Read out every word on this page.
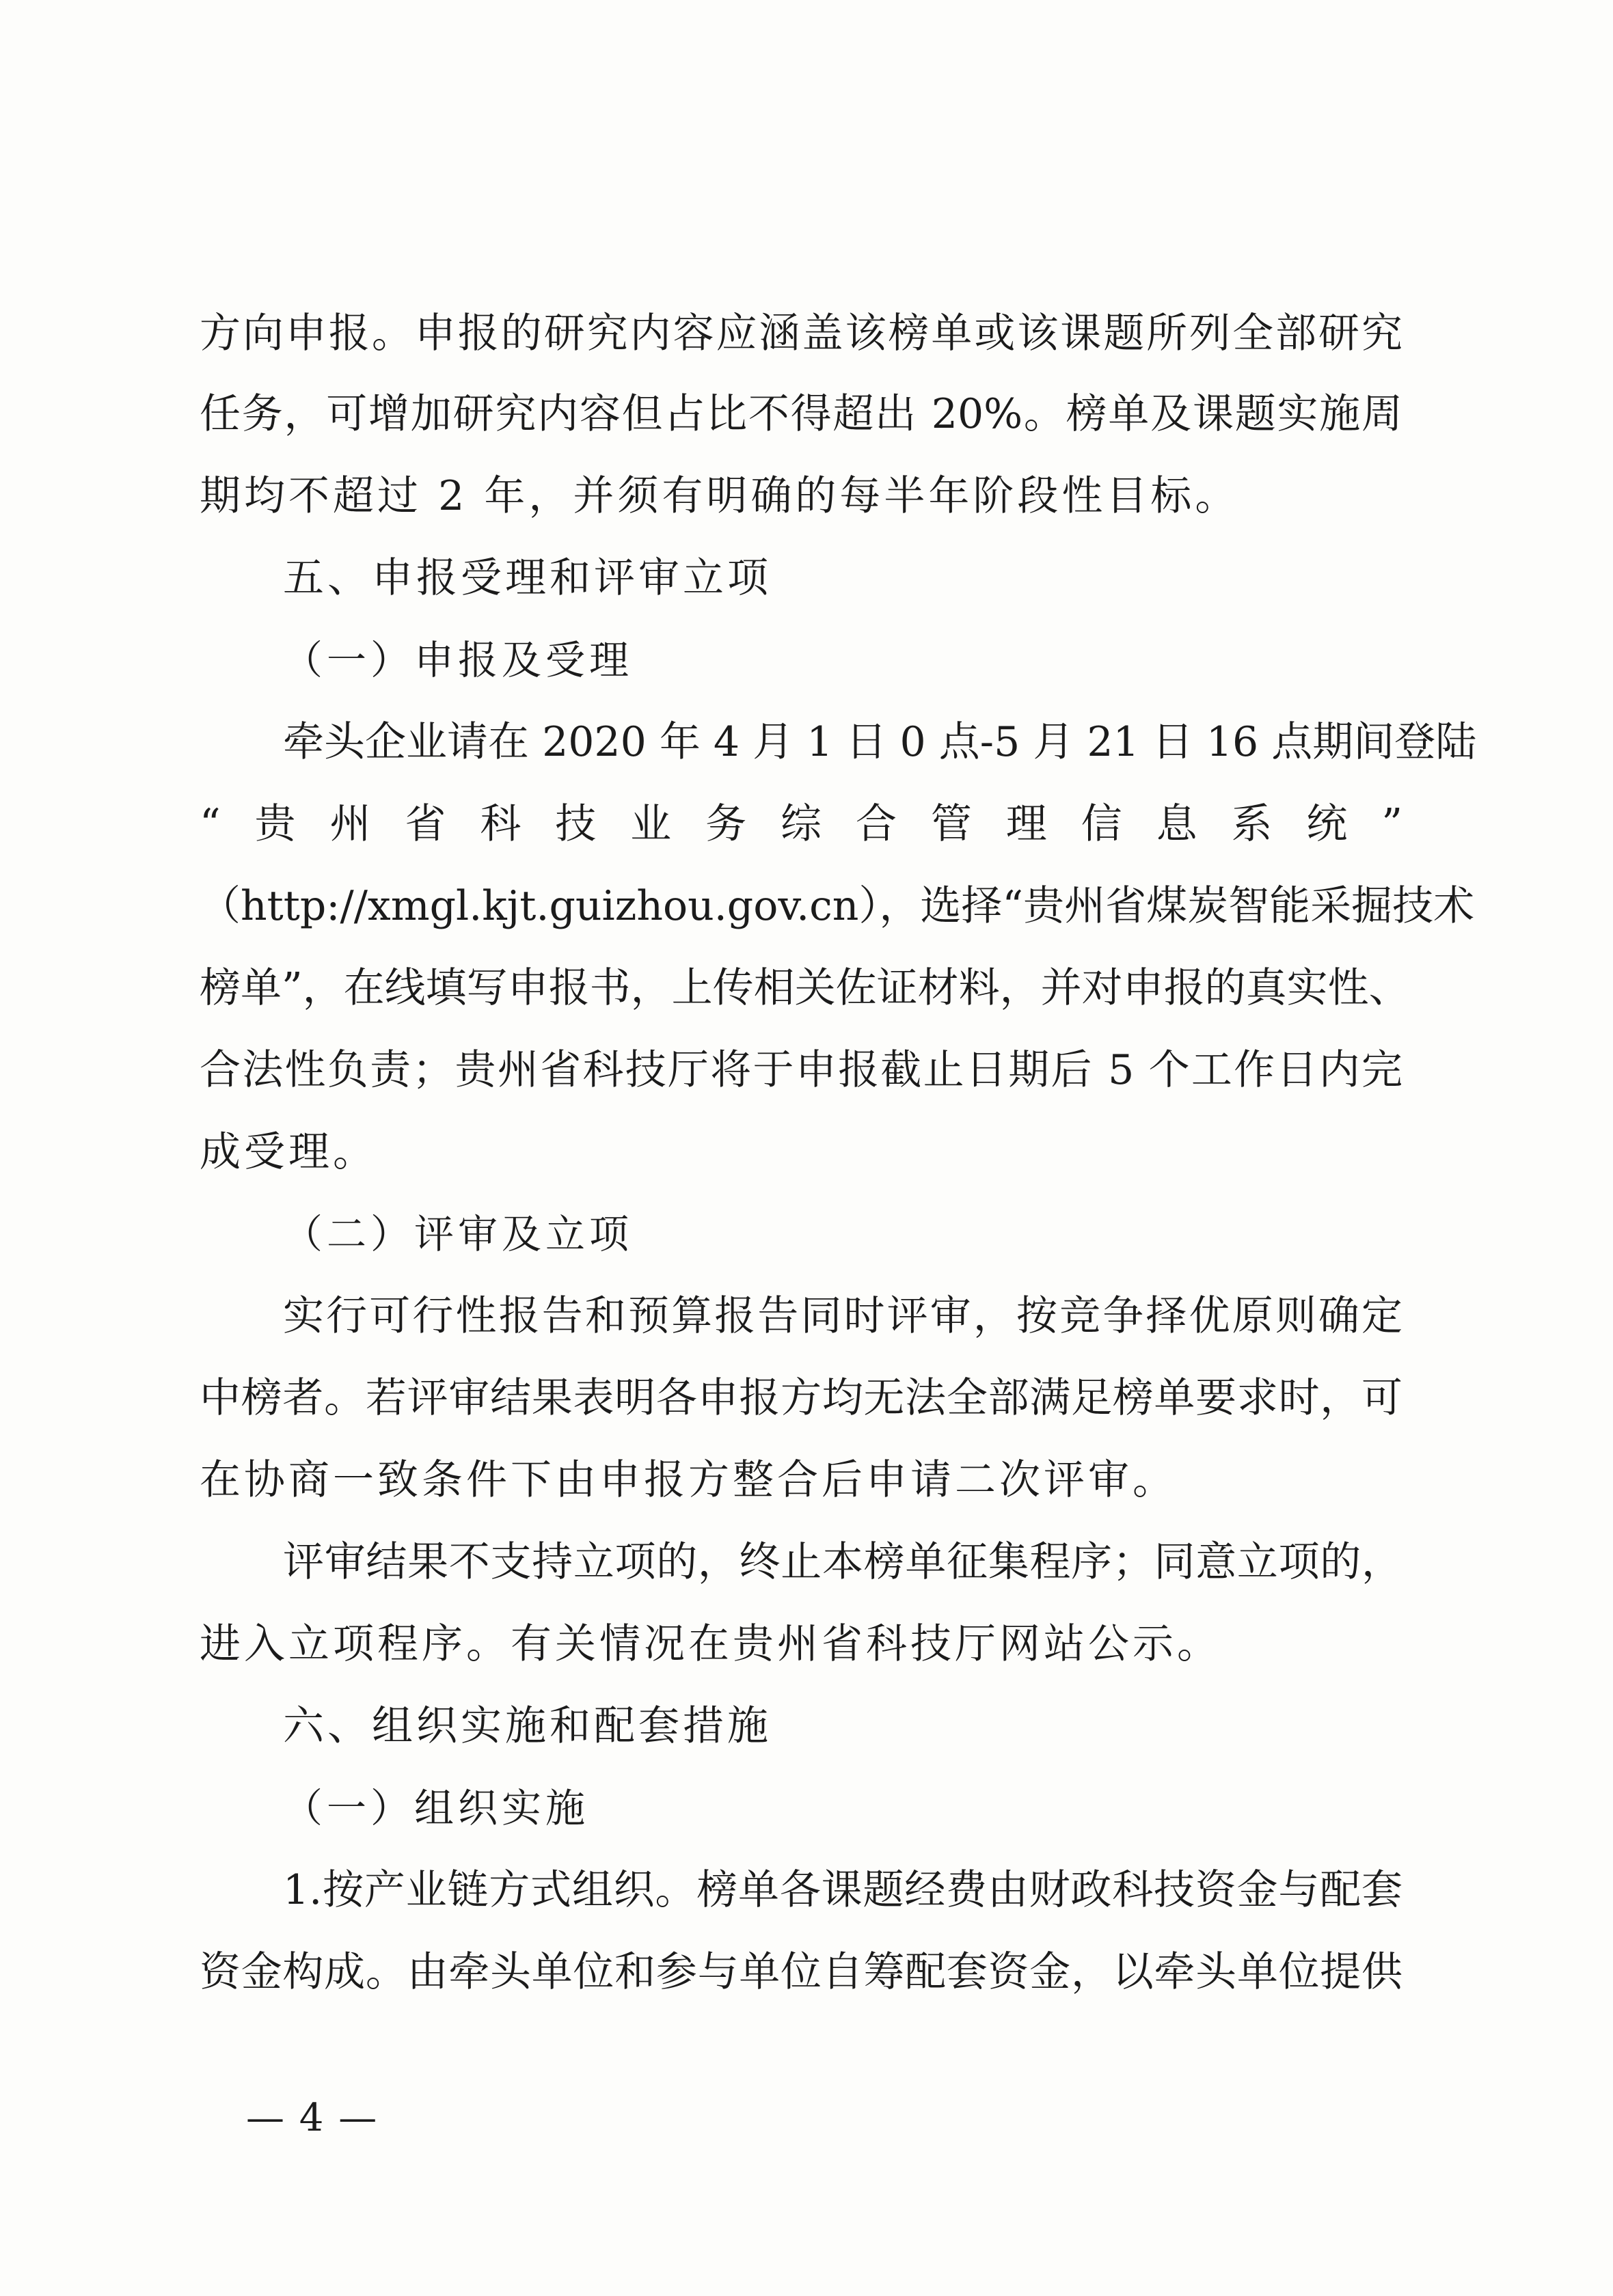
方向申报。申报的研究内容应涵盖该榜单或该课题所列全部研究
任务，可增加研究内容但占比不得超出 20%。榜单及课题实施周
期均不超过 2 年，并须有明确的每半年阶段性目标。
五、申报受理和评审立项
（一）申报及受理
牵头企业请在 2020 年 4 月 1 日 0 点-5 月 21 日 16 点期间登陆
“贵州省科技业务综合管理信息系统”
（http://xmgl.kjt.guizhou.gov.cn），选择“贵州省煤炭智能采掘技术
榜单”，在线填写申报书，上传相关佐证材料，并对申报的真实性、
合法性负责；贵州省科技厅将于申报截止日期后 5 个工作日内完
成受理。
（二）评审及立项
实行可行性报告和预算报告同时评审，按竞争择优原则确定
中榜者。若评审结果表明各申报方均无法全部满足榜单要求时，可
在协商一致条件下由申报方整合后申请二次评审。
评审结果不支持立项的，终止本榜单征集程序；同意立项的，
进入立项程序。有关情况在贵州省科技厅网站公示。
六、组织实施和配套措施
（一）组织实施
1.按产业链方式组织。榜单各课题经费由财政科技资金与配套
资金构成。由牵头单位和参与单位自筹配套资金，以牵头单位提供
— 4 —
